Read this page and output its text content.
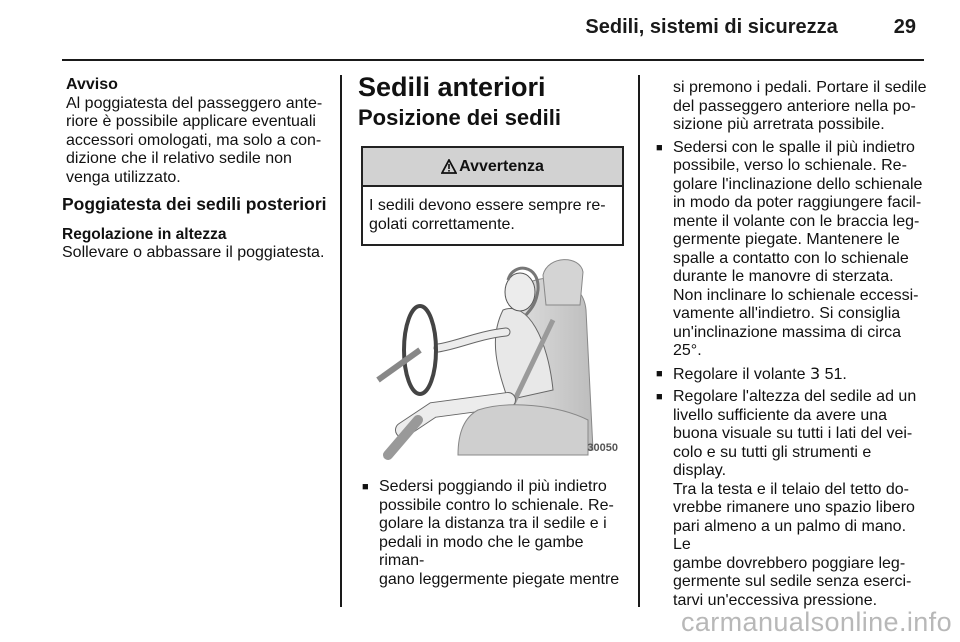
Sedili, sistemi di sicurezza	29

Avviso

Al poggiatesta del passeggero ante-
riore è possibile applicare eventuali
accessori omologati, ma solo a con-
dizione che il relativo sedile non
venga utilizzato.

Poggiatesta dei sedili posteriori

Regolazione in altezza

Sollevare o abbassare il poggiatesta.

Sedili anteriori

Posizione dei sedili

Avvertenza
I sedili devono essere sempre re-
golati correttamente.
30050
■ Sedersi poggiando il più indietro
possibile contro lo schienale. Re-
golare la distanza tra il sedile e i
pedali in modo che le gambe riman-
gano leggermente piegate mentre

si premono i pedali. Portare il sedile
del passeggero anteriore nella po-
sizione più arretrata possibile.

■ Sedersi con le spalle il più indietro
possibile, verso lo schienale. Re-
golare l'inclinazione dello schienale
in modo da poter raggiungere facil-
mente il volante con le braccia leg-
germente piegate. Mantenere le
spalle a contatto con lo schienale
durante le manovre di sterzata.
Non inclinare lo schienale eccessi-
vamente all'indietro. Si consiglia
un'inclinazione massima di circa
25°.
■ Regolare il volante 3 51.
■ Regolare l'altezza del sedile ad un
livello sufficiente da avere una
buona visuale su tutti i lati del vei-
colo e su tutti gli strumenti e display.
Tra la testa e il telaio del tetto do-
vrebbe rimanere uno spazio libero
pari almeno a un palmo di mano. Le
gambe dovrebbero poggiare leg-
germente sul sedile senza eserci-
tarvi un'eccessiva pressione.
carmanualsonline.info
